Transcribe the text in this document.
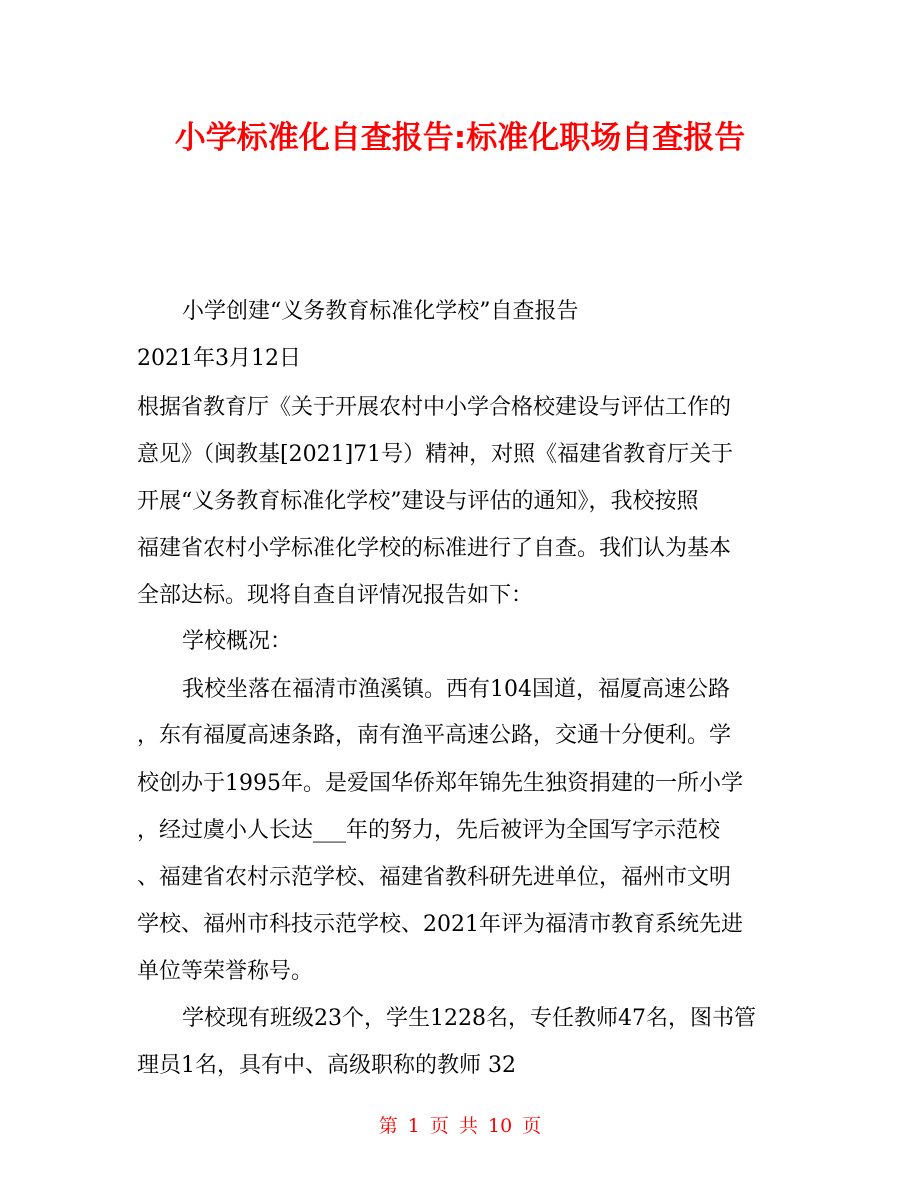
小学标准化自查报告:标准化职场自查报告
小学创建“义务教育标准化学校”自查报告
2021年3月12日
根据省教育厅《关于开展农村中小学合格校建设与评估工作的
意见》（闽教基[2021]71号）精神，对照《福建省教育厅关于
开展“义务教育标准化学校”建设与评估的通知》，我校按照
福建省农村小学标准化学校的标准进行了自查。我们认为基本
全部达标。现将自查自评情况报告如下：
学校概况：
我校坐落在福清市渔溪镇。西有104国道，福厦高速公路
，东有福厦高速条路，南有渔平高速公路，交通十分便利。学
校创办于1995年。是爱国华侨郑年锦先生独资捐建的一所小学
，经过虞小人长达___年的努力，先后被评为全国写字示范校
、福建省农村示范学校、福建省教科研先进单位，福州市文明
学校、福州市科技示范学校、2021年评为福清市教育系统先进
单位等荣誉称号。
学校现有班级23个，学生1228名，专任教师47名，图书管
理员1名，具有中、高级职称的教师 32
第 1 页 共 10 页
